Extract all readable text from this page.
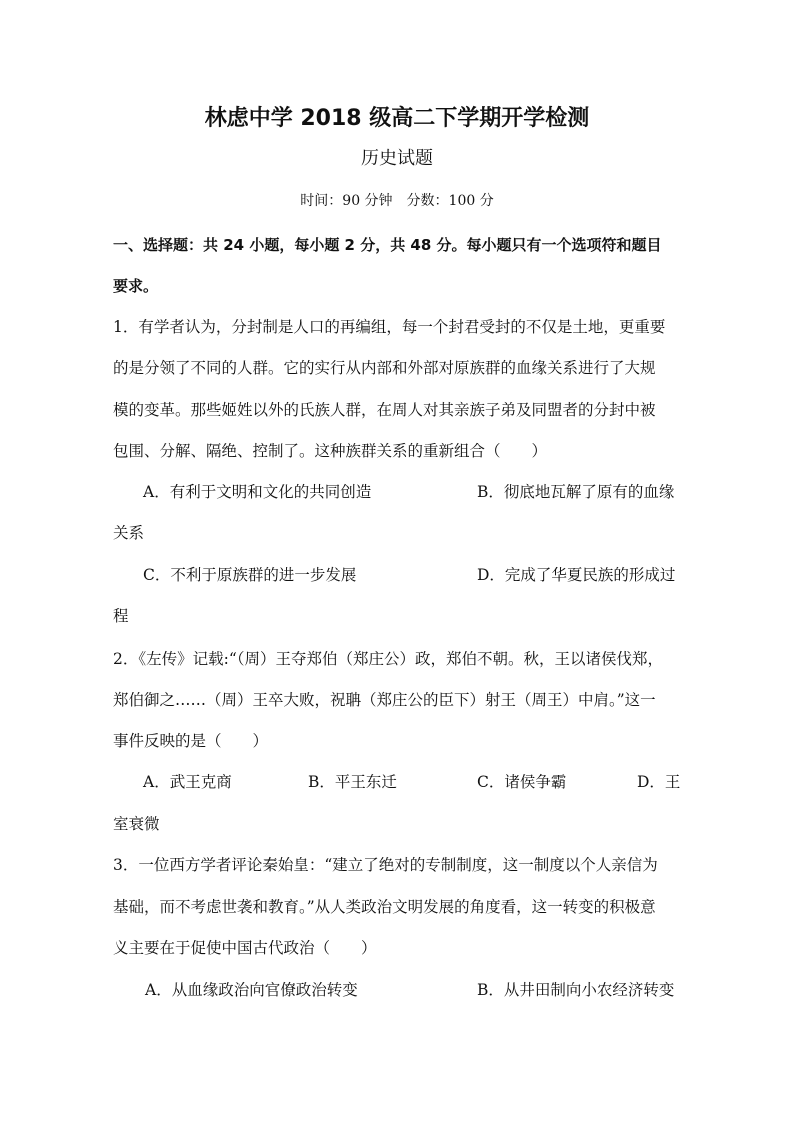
林虑中学 2018 级高二下学期开学检测
历史试题
时间：90 分钟　分数：100 分
一、选择题：共 24 小题，每小题 2 分，共 48 分。每小题只有一个选项符和题目
要求。
1．有学者认为，分封制是人口的再编组，每一个封君受封的不仅是土地，更重要
的是分领了不同的人群。它的实行从内部和外部对原族群的血缘关系进行了大规
模的变革。那些姬姓以外的氏族人群，在周人对其亲族子弟及同盟者的分封中被
包围、分解、隔绝、控制了。这种族群关系的重新组合（　　）
A．有利于文明和文化的共同创造	B．彻底地瓦解了原有的血缘
关系
C．不利于原族群的进一步发展	D．完成了华夏民族的形成过
程
2．《左传》记载:“（周）王夺郑伯（郑庄公）政，郑伯不朝。秋，王以诸侯伐郑，
郑伯御之……（周）王卒大败，祝聃（郑庄公的臣下）射王（周王）中肩。”这一
事件反映的是（　　）
A．武王克商	B．平王东迁	C．诸侯争霸	D．王
室衰微
3．一位西方学者评论秦始皇：“建立了绝对的专制制度，这一制度以个人亲信为
基础，而不考虑世袭和教育。”从人类政治文明发展的角度看，这一转变的积极意
义主要在于促使中国古代政治（　　）
A．从血缘政治向官僚政治转变	B．从井田制向小农经济转变
